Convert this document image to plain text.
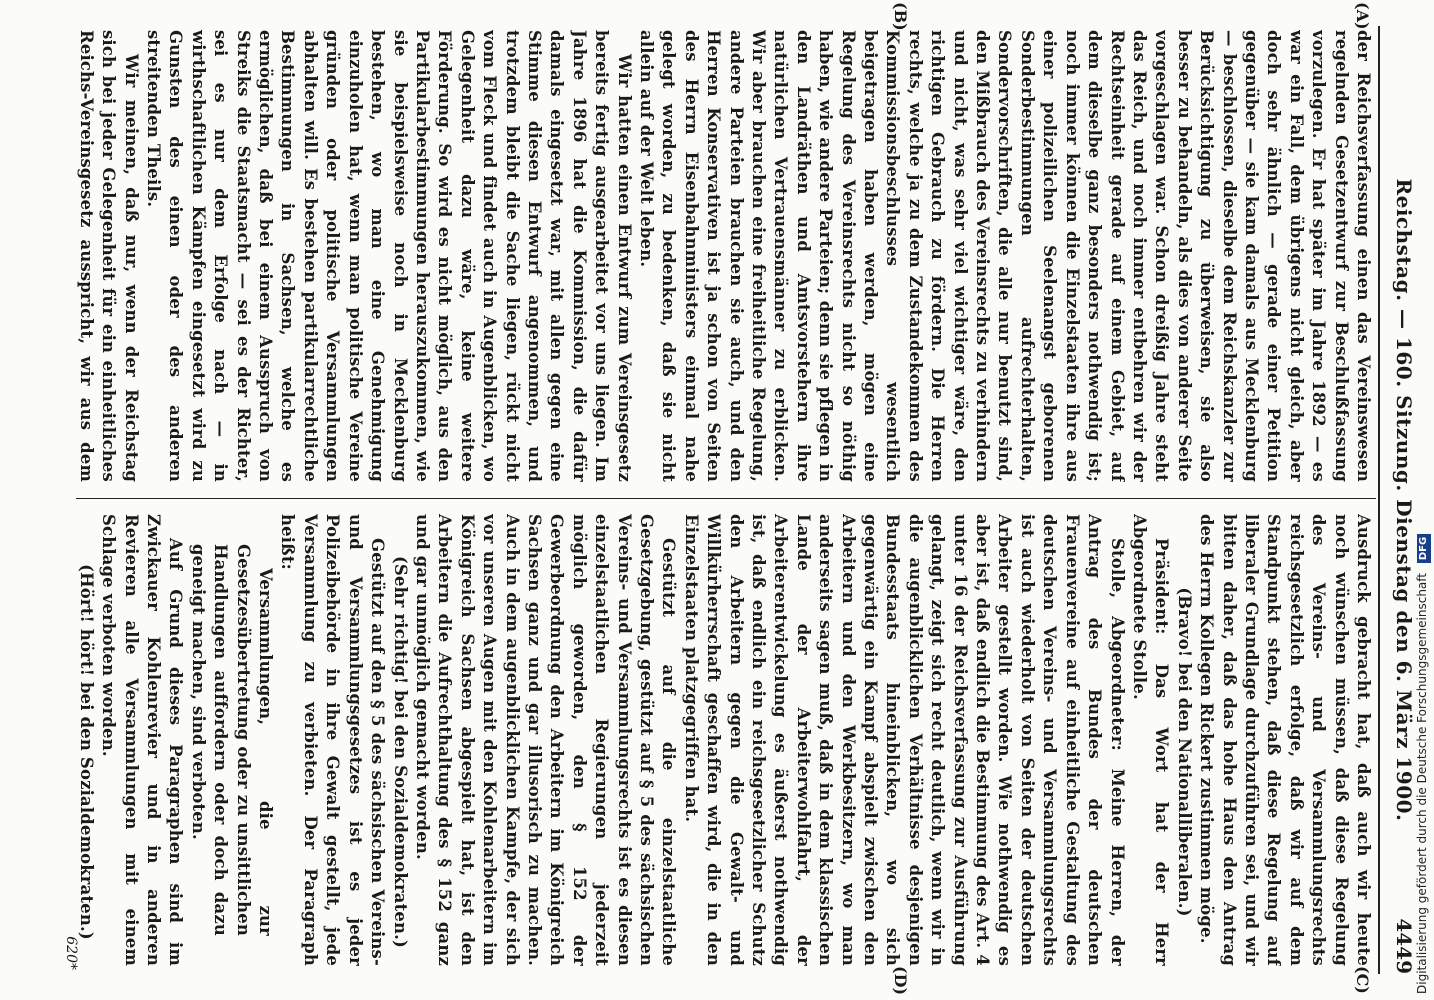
Reichstag. — 160. Sitzung. Dienstag den 6. März 1900.
4449
(A)
(B)
(C)
(D)

der Reichsverfassung einen das Vereinswesen regelnden Gesetzentwurf zur Beschlußfassung vorzulegen. Er hat später im Jahre 1892 — es war ein Fall, dem übrigens nicht gleich, aber doch sehr ähnlich — gerade einer Petition gegenüber — sie kam damals aus Mecklenburg — beschlossen, dieselbe dem Reichskanzler zur Berücksichtigung zu überweisen, sie also besser zu behandeln, als dies von anderer Seite vorgeschlagen war. Schon dreißig Jahre steht das Reich, und noch immer entbehren wir der Rechtseinheit gerade auf einem Gebiet, auf dem dieselbe ganz besonders nothwendig ist; noch immer können die Einzelstaaten ihre aus einer polizeilichen Seelenangst geborenen Sonderbestimmungen aufrechterhalten, Sondervorschriften, die alle nur benutzt sind, den Mißbrauch des Vereinsrechts zu verhindern und nicht, was sehr viel wichtiger wäre, den richtigen Gebrauch zu fördern. Die Herren rechts, welche ja zu dem Zustandekommen des Kommissionsbeschlusses wesentlich beigetragen haben werden, mögen eine Regelung des Vereinsrechts nicht so nöthig haben, wie andere Parteien; denn sie pflegen in den Landräthen und Amtsvorstehern ihre natürlichen Vertrauensmänner zu erblicken. Wir aber brauchen eine freiheitliche Regelung, andere Parteien brauchen sie auch, und den Herren Konservativen ist ja schon von Seiten des Herrn Eisenbahnministers einmal nahe gelegt worden, zu bedenken, daß sie nicht allein auf der Welt leben.

Wir hatten einen Entwurf zum Vereinsgesetz bereits fertig ausgearbeitet vor uns liegen. Im Jahre 1896 hat die Kommission, die dafür damals eingesetzt war, mit allen gegen eine Stimme diesen Entwurf angenommen, und trotzdem bleibt die Sache liegen, rückt nicht vom Fleck und findet auch in Augenblicken, wo Gelegenheit dazu wäre, keine weitere Förderung. So wird es nicht möglich, aus den Partikularbestimmungen herauszukommen, wie sie beispielsweise noch in Mecklenburg bestehen, wo man eine Genehmigung einzuholen hat, wenn man politische Vereine gründen oder politische Versammlungen abhalten will. Es bestehen partikularrechtliche Bestimmungen in Sachsen, welche es ermöglichen, daß bei einem Ausspruch von Streiks die Staatsmacht — sei es der Richter, sei es nur dem Erfolge nach — in wirthschaftlichen Kämpfen eingesetzt wird zu Gunsten des einen oder des anderen streitenden Theils.

Wir meinen, daß nur, wenn der Reichstag sich bei jeder Gelegenheit für ein einheitliches Reichs-Vereinsgesetz ausspricht, wir aus dem

Ausdruck gebracht hat, daß auch wir heute noch wünschen müssen, daß diese Regelung des Vereins- und Versammlungsrechts reichsgesetzlich erfolge, daß wir auf dem Standpunkt stehen, daß diese Regelung auf liberaler Grundlage durchzuführen sei, und wir bitten daher, daß das hohe Haus den Antrag des Herrn Kollegen Rickert zustimmen möge.

(Bravo! bei den Nationalliberalen.)

Präsident: Das Wort hat der Herr Abgeordnete Stolle.

Stolle, Abgeordneter: Meine Herren, der Antrag des Bundes der deutschen Frauenvereine auf einheitliche Gestaltung des deutschen Vereins- und Versammlungsrechts ist auch wiederholt von Seiten der deutschen Arbeiter gestellt worden. Wie nothwendig es aber ist, daß endlich die Bestimmung des Art. 4 unter 16 der Reichsverfassung zur Ausführung gelangt, zeigt sich recht deutlich, wenn wir in die augenblicklichen Verhältnisse desjenigen Bundesstaats hineinblicken, wo sich gegenwärtig ein Kampf abspielt zwischen den Arbeitern und den Werkbesitzern, wo man anderseits sagen muß, daß in dem klassischen Lande der Arbeiterwohlfahrt, der Arbeiterentwickelung es äußerst nothwendig ist, daß endlich ein reichsgesetzlicher Schutz den Arbeitern gegen die Gewalt- und Willkürherrschaft geschaffen wird, die in den Einzelstaaten platzgegriffen hat.

Gestützt auf die einzelstaatliche Gesetzgebung, gestützt auf § 5 des sächsischen Vereins- und Versammlungsrechts ist es diesen einzelstaatlichen Regierungen jederzeit möglich geworden, den § 152 der Gewerbeordnung den Arbeitern im Königreich Sachsen ganz und gar illusorisch zu machen. Auch in dem augenblicklichen Kampfe, der sich vor unseren Augen mit den Kohlenarbeitern im Königreich Sachsen abgespielt hat, ist den Arbeitern die Aufrechthaltung des § 152 ganz und gar unmöglich gemacht worden.

(Sehr richtig! bei den Sozialdemokraten.)

Gestützt auf den § 5 des sächsischen Vereins- und Versammlungsgesetzes ist es jeder Polizeibehörde in ihre Gewalt gestellt, jede Versammlung zu verbieten. Der Paragraph heißt:

Versammlungen, die zur Gesetzesübertretung oder zu unsittlichen Handlungen auffordern oder doch dazu geneigt machen, sind verboten.

Auf Grund dieses Paragraphen sind im Zwickauer Kohlenrevier und in anderen Revieren alle Versammlungen mit einem Schlage verboten worden.

(Hört! hört! bei den Sozialdemokraten.)

620*	Digitalisierung gefördert durch die Deutsche Forschungsgemeinschaft DFG
